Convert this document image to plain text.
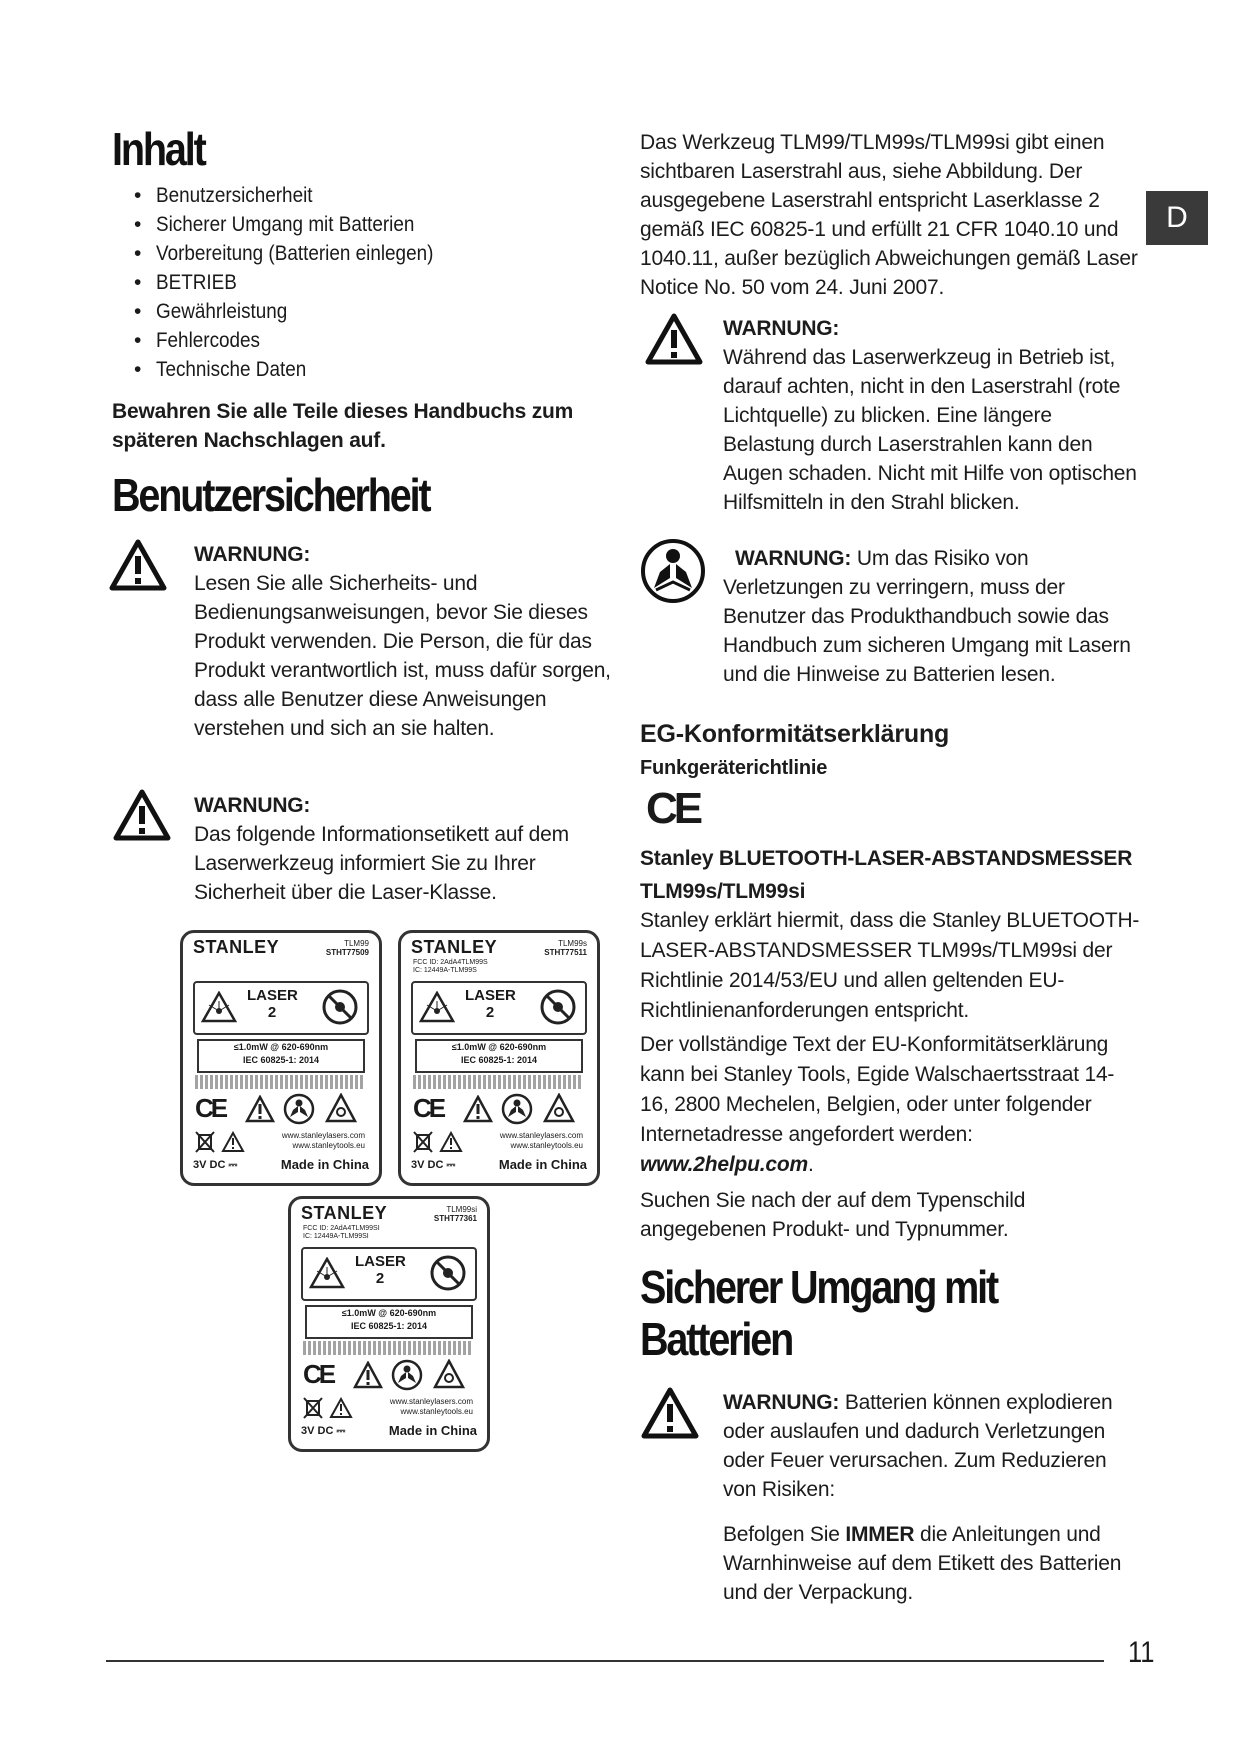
D
Inhalt
• Benutzersicherheit
• Sicherer Umgang mit Batterien
• Vorbereitung (Batterien einlegen)
• BETRIEB
• Gewährleistung
• Fehlercodes
• Technische Daten
Bewahren Sie alle Teile dieses Handbuchs zum späteren Nachschlagen auf.
Benutzersicherheit
WARNUNG:
Lesen Sie alle Sicherheits- und Bedienungsanweisungen, bevor Sie dieses Produkt verwenden. Die Person, die für das Produkt verantwortlich ist, muss dafür sorgen, dass alle Benutzer diese Anweisungen verstehen und sich an sie halten.
WARNUNG:
Das folgende Informationsetikett auf dem Laserwerkzeug informiert Sie zu Ihrer Sicherheit über die Laser-Klasse.
STANLEY	TLM99
STHT77509
LASER
2
≤1.0mW @ 620-690nm
IEC 60825-1: 2014
CE
www.stanleylasers.com
www.stanleytools.eu
3V DC ⎓	Made in China
STANLEY	TLM99s
STHT77511
FCC ID: 2AdA4TLM99S
IC: 12449A-TLM99S
LASER
2
≤1.0mW @ 620-690nm
IEC 60825-1: 2014
CE
www.stanleylasers.com
www.stanleytools.eu
3V DC ⎓	Made in China
STANLEY	TLM99si
STHT77361
FCC ID: 2AdA4TLM99SI
IC: 12449A-TLM99SI
LASER
2
≤1.0mW @ 620-690nm
IEC 60825-1: 2014
CE
www.stanleylasers.com
www.stanleytools.eu
3V DC ⎓	Made in China
Das Werkzeug TLM99/TLM99s/TLM99si gibt einen sichtbaren Laserstrahl aus, siehe Abbildung. Der ausgegebene Laserstrahl entspricht Laserklasse 2 gemäß IEC 60825-1 und erfüllt 21 CFR 1040.10 und 1040.11, außer bezüglich Abweichungen gemäß Laser Notice No. 50 vom 24. Juni 2007.
WARNUNG:
Während das Laserwerkzeug in Betrieb ist, darauf achten, nicht in den Laserstrahl (rote Lichtquelle) zu blicken. Eine längere Belastung durch Laserstrahlen kann den Augen schaden. Nicht mit Hilfe von optischen Hilfsmitteln in den Strahl blicken.
WARNUNG: Um das Risiko von Verletzungen zu verringern, muss der Benutzer das Produkthandbuch sowie das Handbuch zum sicheren Umgang mit Lasern und die Hinweise zu Batterien lesen.
EG-Konformitätserklärung
Funkgeräterichtlinie
CE
Stanley BLUETOOTH-LASER-ABSTANDSMESSER
TLM99s/TLM99si
Stanley erklärt hiermit, dass die Stanley BLUETOOTH-LASER-ABSTANDSMESSER TLM99s/TLM99si der Richtlinie 2014/53/EU und allen geltenden EU-Richtlinienanforderungen entspricht.
Der vollständige Text der EU-Konformitätserklärung kann bei Stanley Tools, Egide Walschaertsstraat 14-16, 2800 Mechelen, Belgien, oder unter folgender Internetadresse angefordert werden: www.2helpu.com.
Suchen Sie nach der auf dem Typenschild angegebenen Produkt- und Typnummer.
Sicherer Umgang mit Batterien
WARNUNG: Batterien können explodieren oder auslaufen und dadurch Verletzungen oder Feuer verursachen. Zum Reduzieren von Risiken:
Befolgen Sie IMMER die Anleitungen und Warnhinweise auf dem Etikett des Batterien und der Verpackung.
11
